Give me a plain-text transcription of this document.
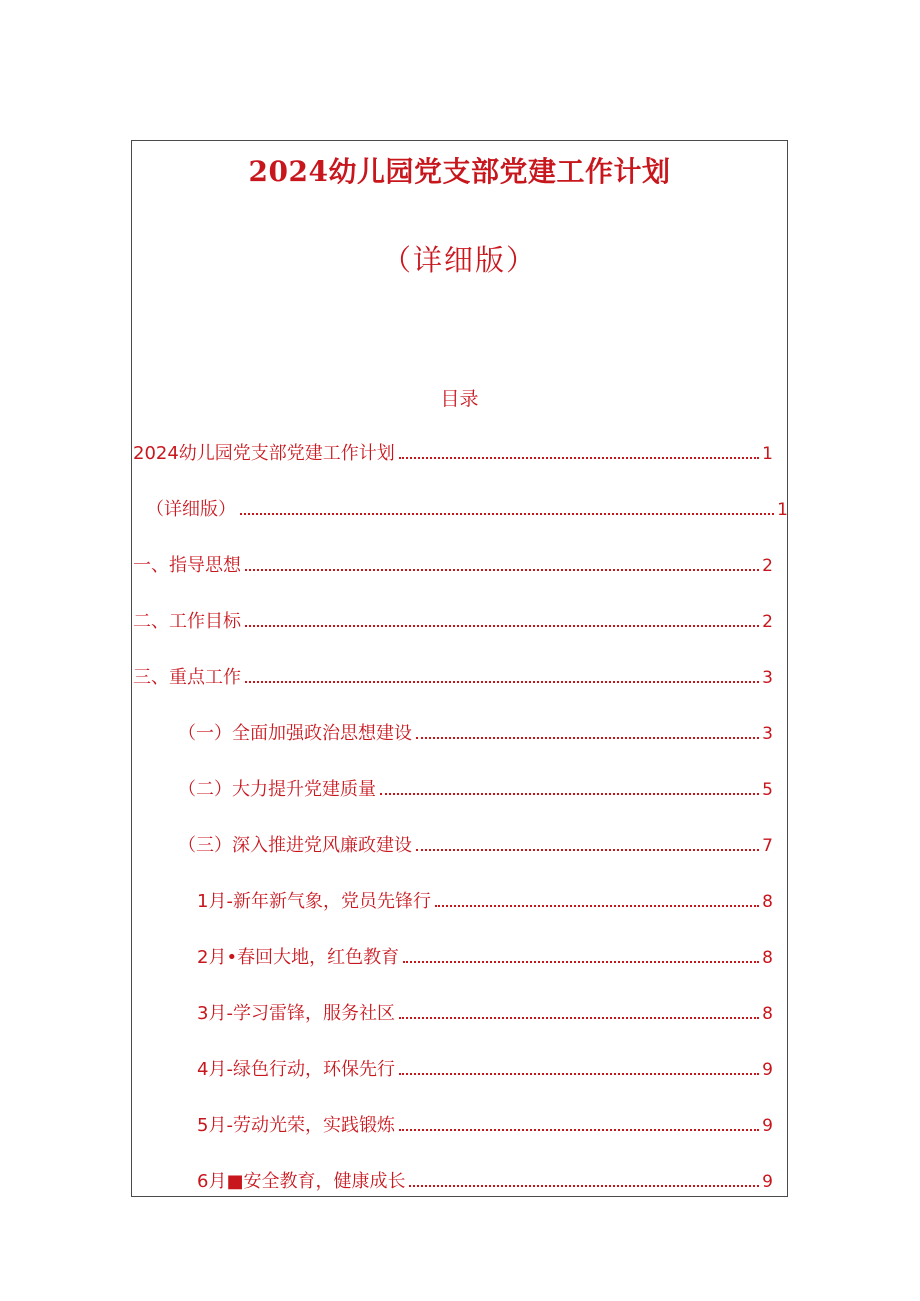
2024幼儿园党支部党建工作计划
（详细版）
目录
2024幼儿园党支部党建工作计划	1
（详细版）	1
一、指导思想	2
二、工作目标	2
三、重点工作	3
（一）全面加强政治思想建设	3
（二）大力提升党建质量	5
（三）深入推进党风廉政建设	7
1月-新年新气象，党员先锋行	8
2月•春回大地，红色教育	8
3月-学习雷锋，服务社区	8
4月-绿色行动，环保先行	9
5月-劳动光荣，实践锻炼	9
6月■安全教育，健康成长	9
